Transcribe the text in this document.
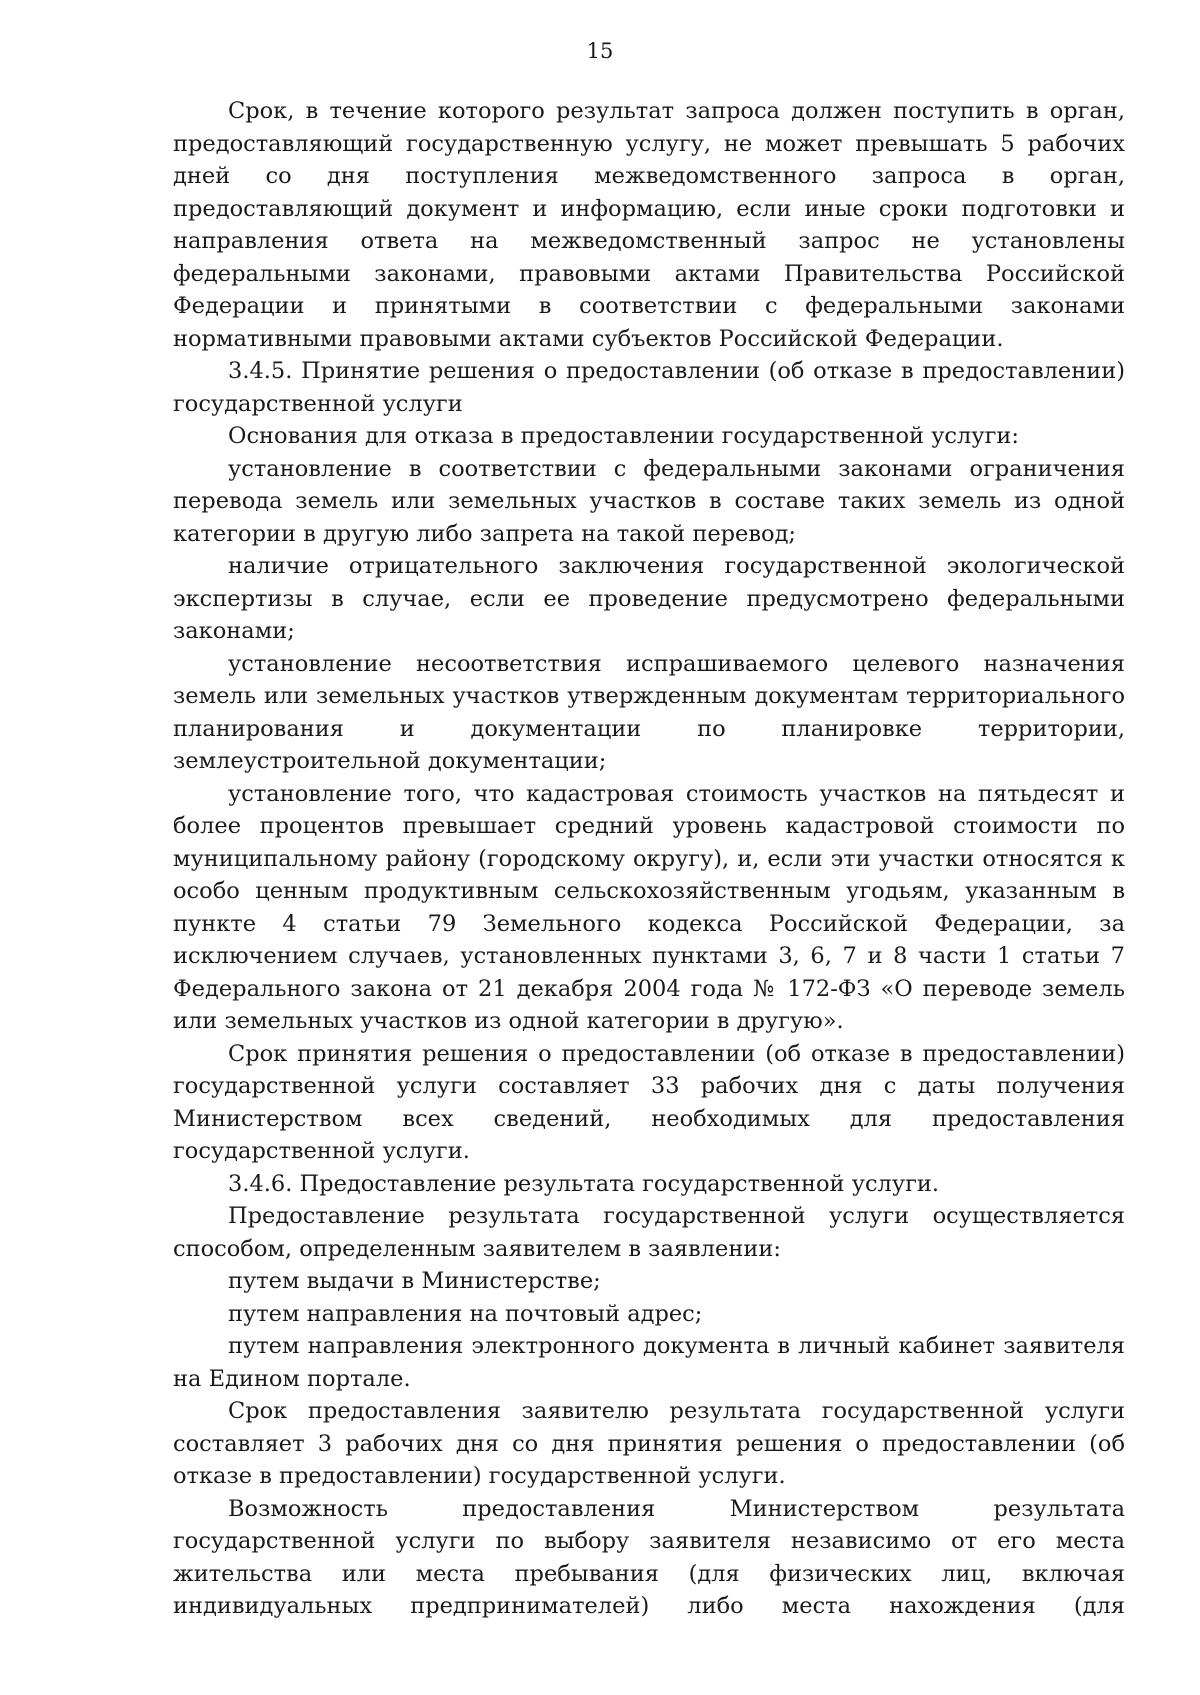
15

Срок, в течение которого результат запроса должен поступить в орган, предоставляющий государственную услугу, не может превышать 5 рабочих дней со дня поступления межведомственного запроса в орган, предоставляющий документ и информацию, если иные сроки подготовки и направления ответа на межведомственный запрос не установлены федеральными законами, правовыми актами Правительства Российской Федерации и принятыми в соответствии с федеральными законами нормативными правовыми актами субъектов Российской Федерации.

3.4.5. Принятие решения о предоставлении (об отказе в предоставлении) государственной услуги

Основания для отказа в предоставлении государственной услуги:

установление в соответствии с федеральными законами ограничения перевода земель или земельных участков в составе таких земель из одной категории в другую либо запрета на такой перевод;

наличие отрицательного заключения государственной экологической экспертизы в случае, если ее проведение предусмотрено федеральными законами;

установление несоответствия испрашиваемого целевого назначения земель или земельных участков утвержденным документам территориального планирования и документации по планировке территории, землеустроительной документации;

установление того, что кадастровая стоимость участков на пятьдесят и более процентов превышает средний уровень кадастровой стоимости по муниципальному району (городскому округу), и, если эти участки относятся к особо ценным продуктивным сельскохозяйственным угодьям, указанным в пункте 4 статьи 79 Земельного кодекса Российской Федерации, за исключением случаев, установленных пунктами 3, 6, 7 и 8 части 1 статьи 7 Федерального закона от 21 декабря 2004 года № 172-ФЗ «О переводе земель или земельных участков из одной категории в другую».

Срок принятия решения о предоставлении (об отказе в предоставлении) государственной услуги составляет 33 рабочих дня с даты получения Министерством всех сведений, необходимых для предоставления государственной услуги.

3.4.6. Предоставление результата государственной услуги.

Предоставление результата государственной услуги осуществляется способом, определенным заявителем в заявлении:

путем выдачи в Министерстве;

путем направления на почтовый адрес;

путем направления электронного документа в личный кабинет заявителя на Едином портале.

Срок предоставления заявителю результата государственной услуги составляет 3 рабочих дня со дня принятия решения о предоставлении (об отказе в предоставлении) государственной услуги.

Возможность предоставления Министерством результата государственной услуги по выбору заявителя независимо от его места жительства или места пребывания (для физических лиц, включая индивидуальных предпринимателей) либо места нахождения (для
